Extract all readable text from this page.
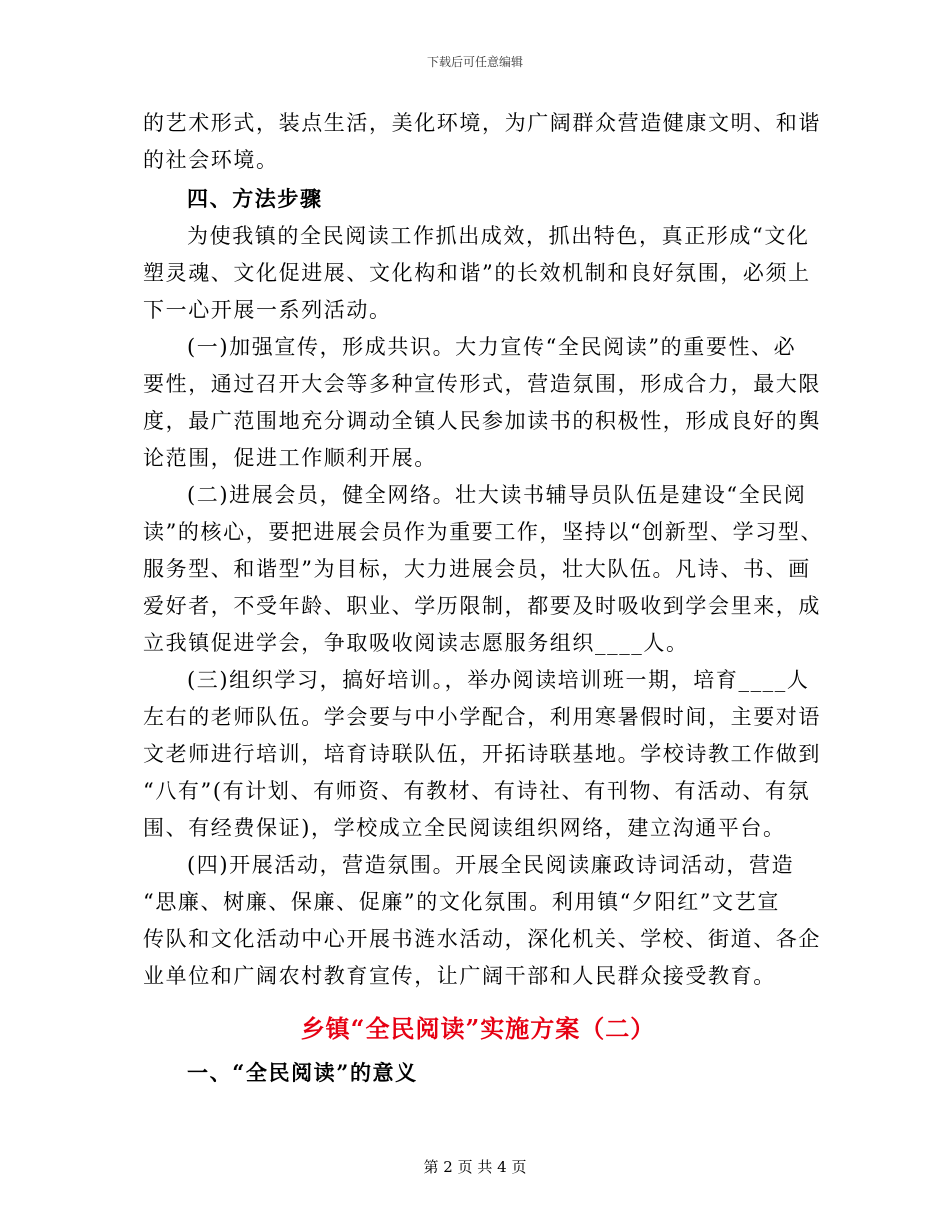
下载后可任意编辑
的艺术形式，装点生活，美化环境，为广阔群众营造健康文明、和谐
的社会环境。
四、方法步骤
为使我镇的全民阅读工作抓出成效，抓出特色，真正形成“文化
塑灵魂、文化促进展、文化构和谐”的长效机制和良好氛围，必须上
下一心开展一系列活动。
(一)加强宣传，形成共识。大力宣传“全民阅读”的重要性、必
要性，通过召开大会等多种宣传形式，营造氛围，形成合力，最大限
度，最广范围地充分调动全镇人民参加读书的积极性，形成良好的舆
论范围，促进工作顺利开展。
(二)进展会员，健全网络。壮大读书辅导员队伍是建设“全民阅
读”的核心，要把进展会员作为重要工作，坚持以“创新型、学习型、
服务型、和谐型”为目标，大力进展会员，壮大队伍。凡诗、书、画
爱好者，不受年龄、职业、学历限制，都要及时吸收到学会里来，成
立我镇促进学会，争取吸收阅读志愿服务组织____人。
(三)组织学习，搞好培训。，举办阅读培训班一期，培育____人
左右的老师队伍。学会要与中小学配合，利用寒暑假时间，主要对语
文老师进行培训，培育诗联队伍，开拓诗联基地。学校诗教工作做到
“八有”(有计划、有师资、有教材、有诗社、有刊物、有活动、有氛
围、有经费保证)，学校成立全民阅读组织网络，建立沟通平台。
(四)开展活动，营造氛围。开展全民阅读廉政诗词活动，营造
“思廉、树廉、保廉、促廉”的文化氛围。利用镇“夕阳红”文艺宣
传队和文化活动中心开展书涟水活动，深化机关、学校、街道、各企
业单位和广阔农村教育宣传，让广阔干部和人民群众接受教育。
乡镇“全民阅读”实施方案（二）
一、“全民阅读”的意义
第 2 页 共 4 页
